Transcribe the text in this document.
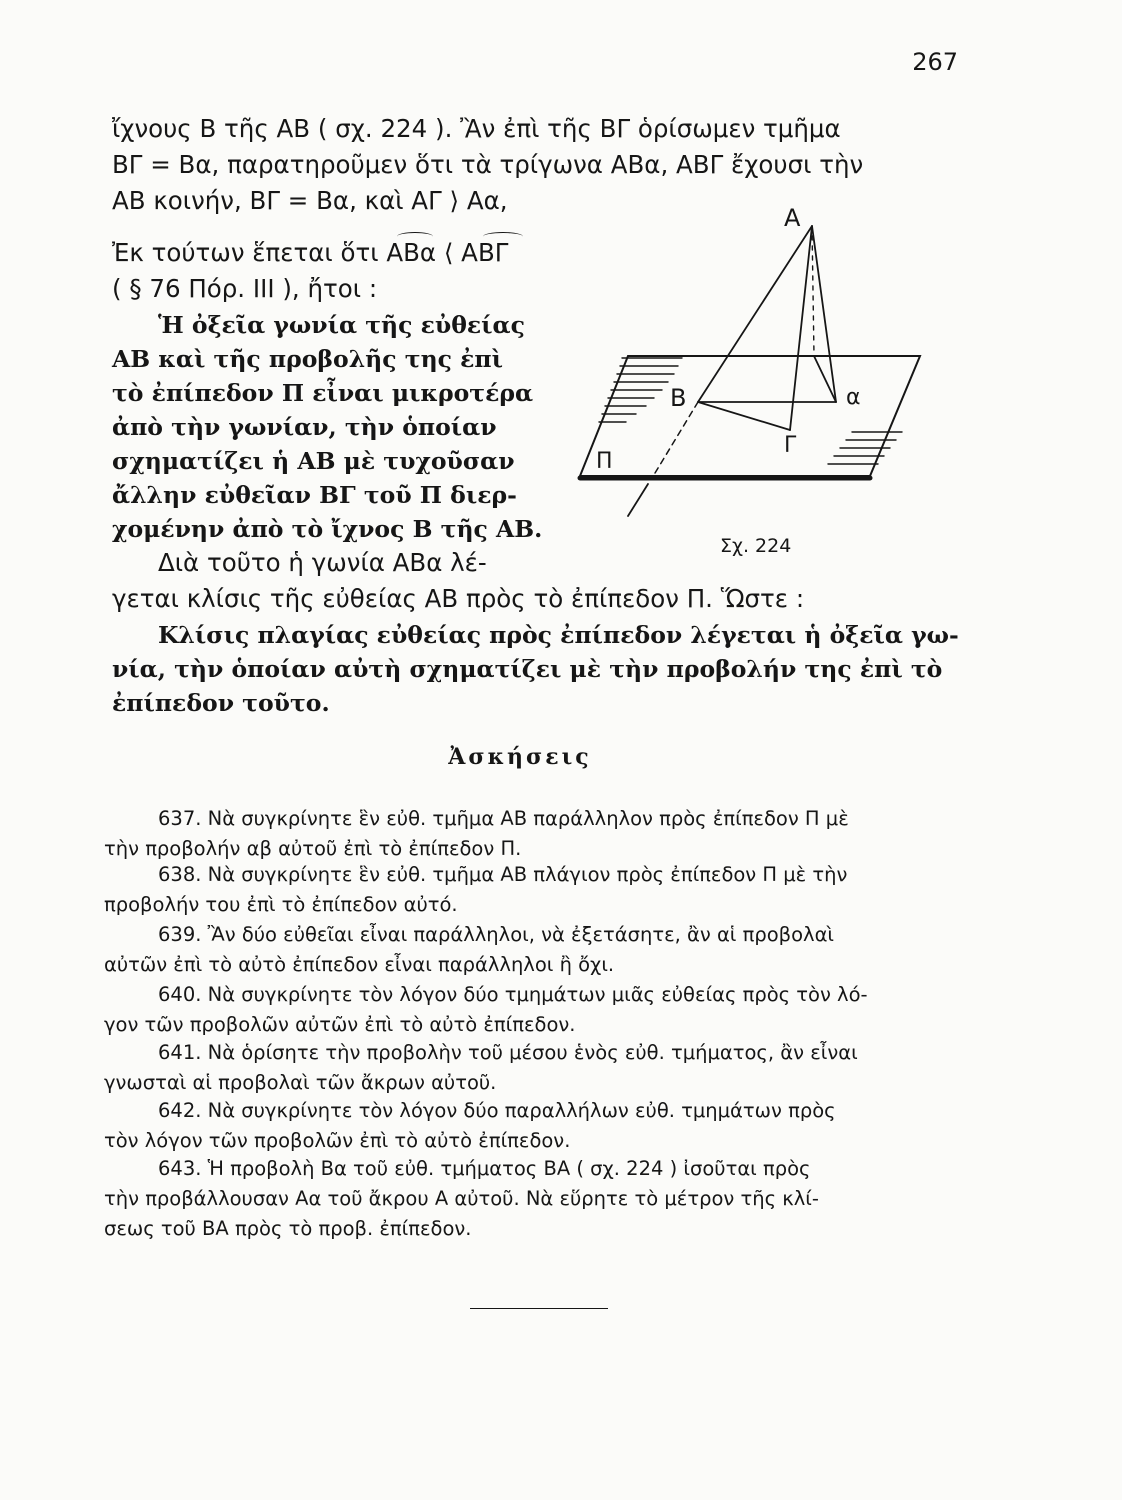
267
ἴχνους Β τῆς ΑΒ ( σχ. 224 ). Ἂν ἐπὶ τῆς ΒΓ ὁρίσωμεν τμῆμα
ΒΓ = Βα, παρατηροῦμεν ὅτι τὰ τρίγωνα ΑΒα, ΑΒΓ ἔχουσι τὴν
ΑΒ κοινήν, ΒΓ = Βα, καὶ ΑΓ ⟩ Αα,
Ἐκ τούτων ἕπεται ὅτι ΑΒα ⟨ ΑΒΓ
( § 76 Πόρ. ΙΙΙ ), ἤτοι :
Ἡ ὀξεῖα γωνία τῆς εὐθείας
ΑΒ καὶ τῆς προβολῆς της ἐπὶ
τὸ ἐπίπεδον Π εἶναι μικροτέρα
ἀπὸ τὴν γωνίαν, τὴν ὁποίαν
σχηματίζει ἡ ΑΒ μὲ τυχοῦσαν
ἄλλην εὐθεῖαν ΒΓ τοῦ Π διερ-
χομένην ἀπὸ τὸ ἴχνος Β τῆς ΑΒ.
Διὰ τοῦτο ἡ γωνία ΑΒα λέ-
γεται κλίσις τῆς εὐθείας ΑΒ πρὸς τὸ ἐπίπεδον Π. Ὥστε :
Κλίσις πλαγίας εὐθείας πρὸς ἐπίπεδον λέγεται ἡ ὀξεῖα γω-
νία, τὴν ὁποίαν αὐτὴ σχηματίζει μὲ τὴν προβολήν της ἐπὶ τὸ
ἐπίπεδον τοῦτο.
Ἀσκήσεις
637. Νὰ συγκρίνητε ἓν εὐθ. τμῆμα ΑΒ παράλληλον πρὸς ἐπίπεδον Π μὲ
τὴν προβολήν αβ αὐτοῦ ἐπὶ τὸ ἐπίπεδον Π.
638. Νὰ συγκρίνητε ἓν εὐθ. τμῆμα ΑΒ πλάγιον πρὸς ἐπίπεδον Π μὲ τὴν
προβολήν του ἐπὶ τὸ ἐπίπεδον αὐτό.
639. Ἂν δύο εὐθεῖαι εἶναι παράλληλοι, νὰ ἐξετάσητε, ἂν αἱ προβολαὶ
αὐτῶν ἐπὶ τὸ αὐτὸ ἐπίπεδον εἶναι παράλληλοι ἢ ὄχι.
640. Νὰ συγκρίνητε τὸν λόγον δύο τμημάτων μιᾶς εὐθείας πρὸς τὸν λό-
γον τῶν προβολῶν αὐτῶν ἐπὶ τὸ αὐτὸ ἐπίπεδον.
641. Νὰ ὁρίσητε τὴν προβολὴν τοῦ μέσου ἑνὸς εὐθ. τμήματος, ἂν εἶναι
γνωσταὶ αἱ προβολαὶ τῶν ἄκρων αὐτοῦ.
642. Νὰ συγκρίνητε τὸν λόγον δύο παραλλήλων εὐθ. τμημάτων πρὸς
τὸν λόγον τῶν προβολῶν ἐπὶ τὸ αὐτὸ ἐπίπεδον.
643. Ἡ προβολὴ Βα τοῦ εὐθ. τμήματος ΒΑ ( σχ. 224 ) ἰσοῦται πρὸς
τὴν προβάλλουσαν Αα τοῦ ἄκρου Α αὐτοῦ. Νὰ εὕρητε τὸ μέτρον τῆς κλί-
σεως τοῦ ΒΑ πρὸς τὸ προβ. ἐπίπεδον.
Α
Β	α
Γ
Π
Σχ. 224
